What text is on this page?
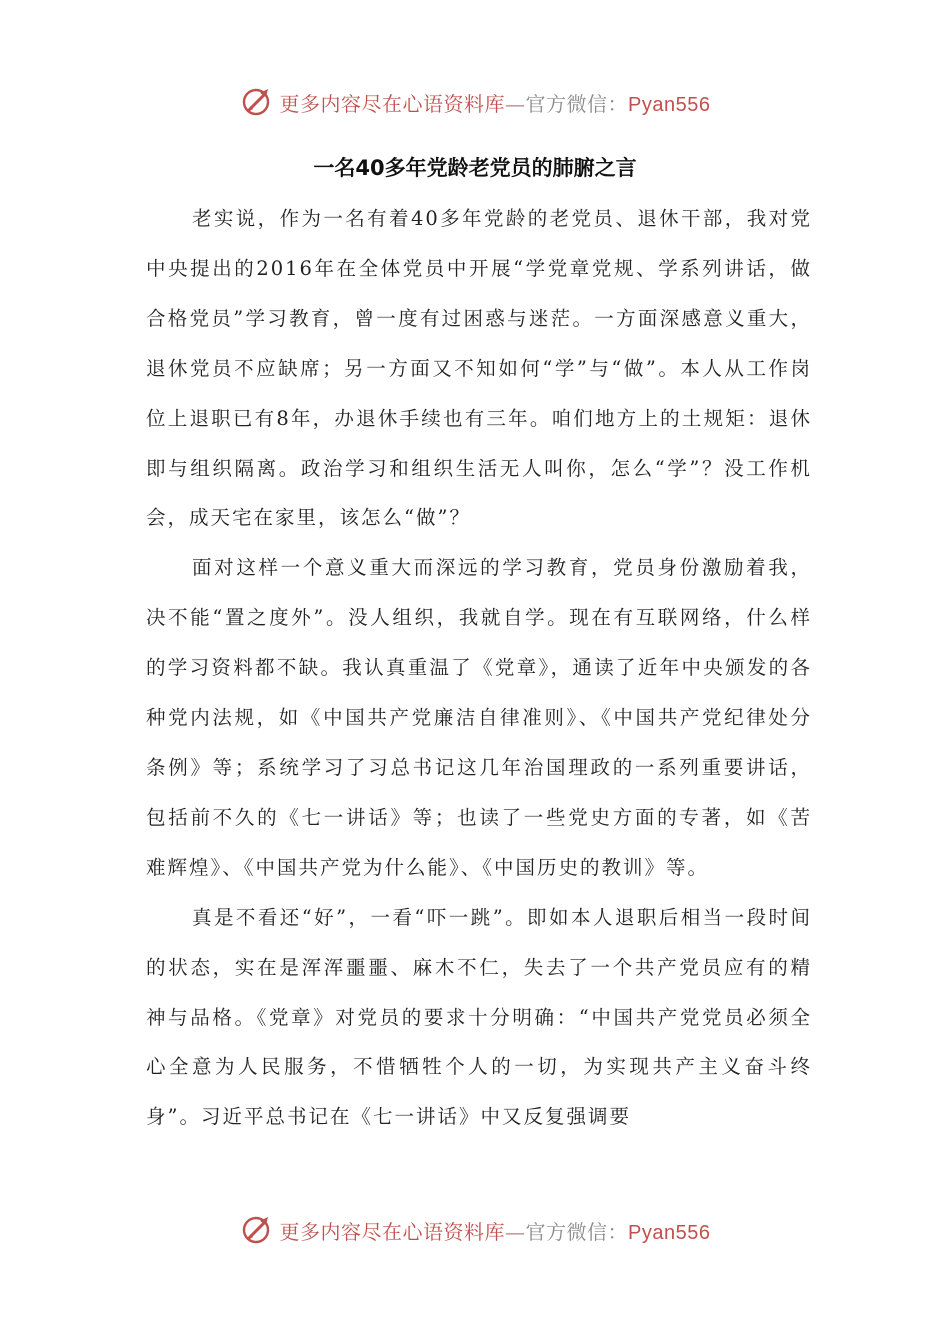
更多内容尽在心语资料库—官方微信：Pyan556
一名40多年党龄老党员的肺腑之言

老实说，作为一名有着40多年党龄的老党员、退休干部，我对党中央提出的2016年在全体党员中开展“学党章党规、学系列讲话，做合格党员”学习教育，曾一度有过困惑与迷茫。一方面深感意义重大，退休党员不应缺席；另一方面又不知如何“学”与“做”。本人从工作岗位上退职已有8年，办退休手续也有三年。咱们地方上的土规矩：退休即与组织隔离。政治学习和组织生活无人叫你，怎么“学”？没工作机会，成天宅在家里，该怎么“做”？

面对这样一个意义重大而深远的学习教育，党员身份激励着我，决不能“置之度外”。没人组织，我就自学。现在有互联网络，什么样的学习资料都不缺。我认真重温了《党章》，通读了近年中央颁发的各种党内法规，如《中国共产党廉洁自律准则》、《中国共产党纪律处分条例》等；系统学习了习总书记这几年治国理政的一系列重要讲话，包括前不久的《七一讲话》等；也读了一些党史方面的专著，如《苦难辉煌》、《中国共产党为什么能》、《中国历史的教训》等。

真是不看还“好”，一看“吓一跳”。即如本人退职后相当一段时间的状态，实在是浑浑噩噩、麻木不仁，失去了一个共产党员应有的精神与品格。《党章》对党员的要求十分明确：“中国共产党党员必须全心全意为人民服务，不惜牺牲个人的一切，为实现共产主义奋斗终身”。习近平总书记在《七一讲话》中又反复强调要

更多内容尽在心语资料库—官方微信：Pyan556
